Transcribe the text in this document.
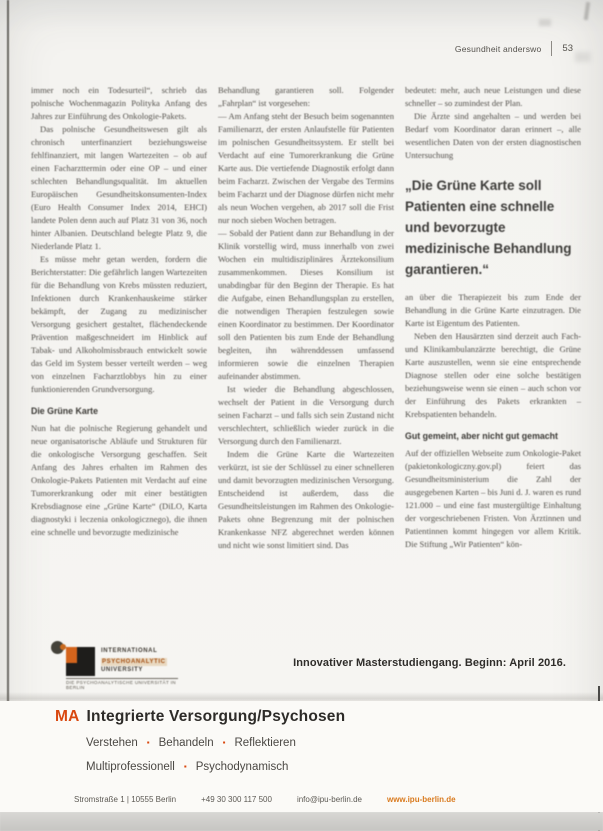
Gesundheit anderswo 53

immer noch ein Todesurteil“, schrieb das polnische Wochenmagazin Polityka Anfang des Jahres zur Einführung des Onkologie-Pakets.

Das polnische Gesundheitswesen gilt als chronisch unterfinanziert beziehungsweise fehlfinanziert, mit langen Wartezeiten – ob auf einen Facharzttermin oder eine OP – und einer schlechten Behandlungsqualität. Im aktuellen Europäischen Gesundheitskonsumenten-Index (Euro Health Consumer Index 2014, EHCI) landete Polen denn auch auf Platz 31 von 36, noch hinter Albanien. Deutschland belegte Platz 9, die Niederlande Platz 1.

Es müsse mehr getan werden, fordern die Berichterstatter: Die gefährlich langen Wartezeiten für die Behandlung von Krebs müssten reduziert, Infektionen durch Krankenhauskeime stärker bekämpft, der Zugang zu medizinischer Versorgung gesichert gestaltet, flächendeckende Prävention maßgeschneidert im Hinblick auf Tabak- und Alkoholmissbrauch entwickelt sowie das Geld im System besser verteilt werden – weg von einzelnen Facharztlobbys hin zu einer funktionierenden Grundversorgung.

Die Grüne Karte

Nun hat die polnische Regierung gehandelt und neue organisatorische Abläufe und Strukturen für die onkologische Versorgung geschaffen. Seit Anfang des Jahres erhalten im Rahmen des Onkologie-Pakets Patienten mit Verdacht auf eine Tumorerkrankung oder mit einer bestätigten Krebsdiagnose eine „Grüne Karte“ (DiLO, Karta diagnostyki i leczenia onkologicznego), die ihnen eine schnelle und bevorzugte medizinische

Behandlung garantieren soll. Folgender „Fahrplan“ ist vorgesehen:

— Am Anfang steht der Besuch beim sogenannten Familienarzt, der ersten Anlaufstelle für Patienten im polnischen Gesundheitssystem. Er stellt bei Verdacht auf eine Tumorerkrankung die Grüne Karte aus. Die vertiefende Diagnostik erfolgt dann beim Facharzt. Zwischen der Vergabe des Termins beim Facharzt und der Diagnose dürfen nicht mehr als neun Wochen vergehen, ab 2017 soll die Frist nur noch sieben Wochen betragen.

— Sobald der Patient dann zur Behandlung in der Klinik vorstellig wird, muss innerhalb von zwei Wochen ein multidisziplinäres Ärztekonsilium zusammenkommen. Dieses Konsilium ist unabdingbar für den Beginn der Therapie. Es hat die Aufgabe, einen Behandlungsplan zu erstellen, die notwendigen Therapien festzulegen sowie einen Koordinator zu bestimmen. Der Koordinator soll den Patienten bis zum Ende der Behandlung begleiten, ihn währenddessen umfassend informieren sowie die einzelnen Therapien aufeinander abstimmen.

Ist wieder die Behandlung abgeschlossen, wechselt der Patient in die Versorgung durch seinen Facharzt – und falls sich sein Zustand nicht verschlechtert, schließlich wieder zurück in die Versorgung durch den Familienarzt.

Indem die Grüne Karte die Wartezeiten verkürzt, ist sie der Schlüssel zu einer schnelleren und damit bevorzugten medizinischen Versorgung. Entscheidend ist außerdem, dass die Gesundheitsleistungen im Rahmen des Onkologie-Pakets ohne Begrenzung mit der polnischen Krankenkasse NFZ abgerechnet werden können und nicht wie sonst limitiert sind. Das

bedeutet: mehr, auch neue Leistungen und diese schneller – so zumindest der Plan.

Die Ärzte sind angehalten – und werden bei Bedarf vom Koordinator daran erinnert –, alle wesentlichen Daten von der ersten diagnostischen Untersuchung

„Die Grüne Karte soll Patienten eine schnelle und bevorzugte medizinische Behandlung garantieren.“

an über die Therapiezeit bis zum Ende der Behandlung in die Grüne Karte einzutragen. Die Karte ist Eigentum des Patienten.

Neben den Hausärzten sind derzeit auch Fach- und Klinikambulanzärzte berechtigt, die Grüne Karte auszustellen, wenn sie eine entsprechende Diagnose stellen oder eine solche bestätigen beziehungsweise wenn sie einen – auch schon vor der Einführung des Pakets erkrankten – Krebspatienten behandeln.

Gut gemeint, aber nicht gut gemacht

Auf der offiziellen Webseite zum Onkologie-Paket (pakietonkologiczny.gov.pl) feiert das Gesundheitsministerium die Zahl der ausgegebenen Karten – bis Juni d. J. waren es rund 121.000 – und eine fast mustergültige Einhaltung der vorgeschriebenen Fristen. Von Ärztinnen und Patientinnen kommt hingegen vor allem Kritik. Die Stiftung „Wir Patienten“ kön-

INTERNATIONAL
PSYCHOANALYTIC
UNIVERSITY
DIE PSYCHOANALYTISCHE UNIVERSITÄT IN BERLIN
Innovativer Masterstudiengang. Beginn: April 2016.
MA Integrierte Versorgung/Psychosen
Verstehen ▪ Behandeln ▪ Reflektieren
Multiprofessionell ▪ Psychodynamisch
Stromstraße 1 | 10555 Berlin	+49 30 300 117 500	info@ipu-berlin.de	www.ipu-berlin.de
